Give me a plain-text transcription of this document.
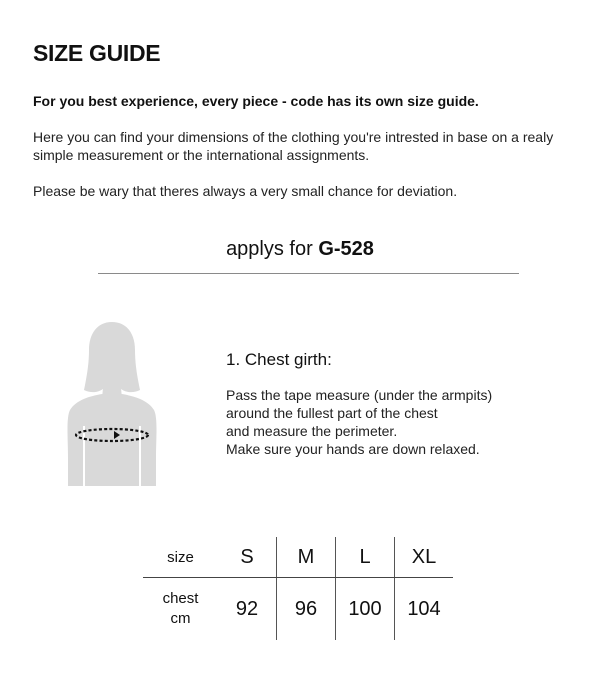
SIZE GUIDE
For you best experience, every piece - code has its own size guide.
Here you can find your dimensions of the clothing you're intrested in base on a realy simple measurement or the international assignments.
Please be wary that theres always a very small chance for deviation.
applys for G-528
1. Chest girth:
Pass the tape measure (under the armpits)
around the fullest part of the chest
and measure the perimeter.
Make sure your hands are down relaxed.
size	S	M	L	XL

chest
cm	92	96	100	104
